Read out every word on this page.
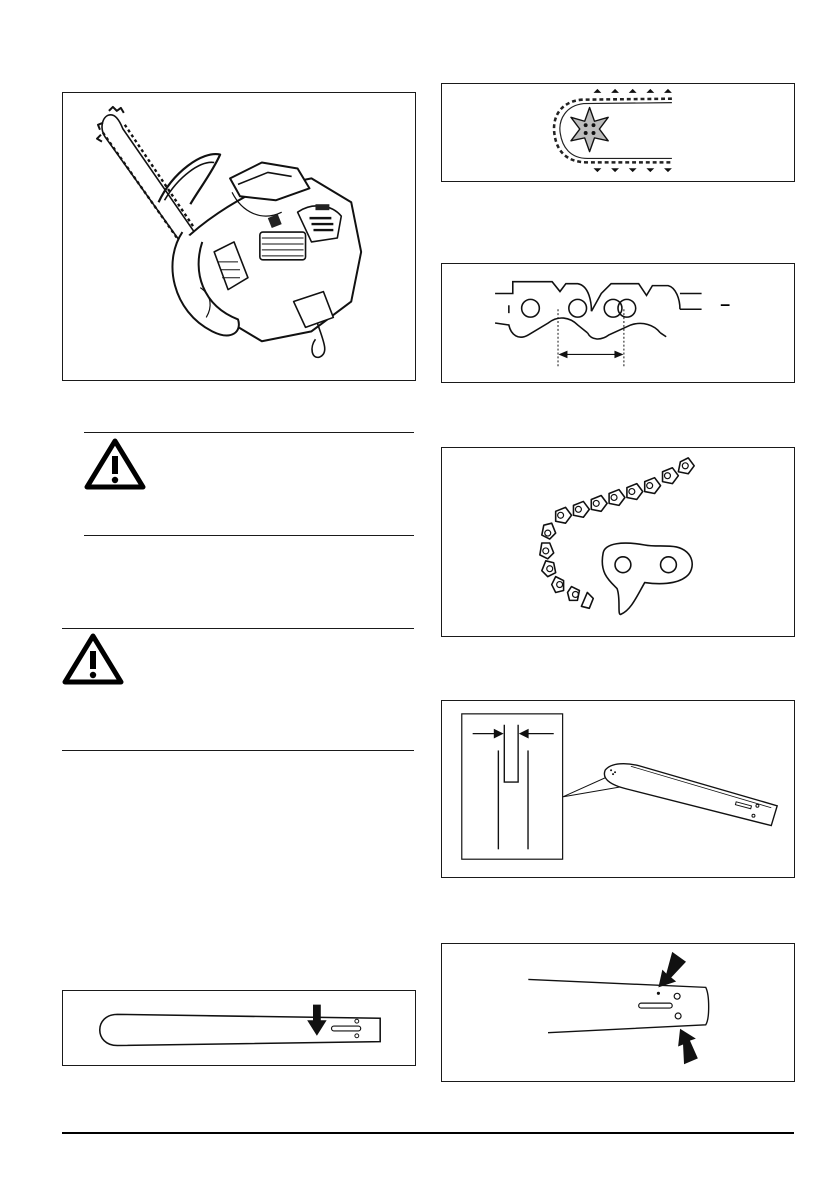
–
